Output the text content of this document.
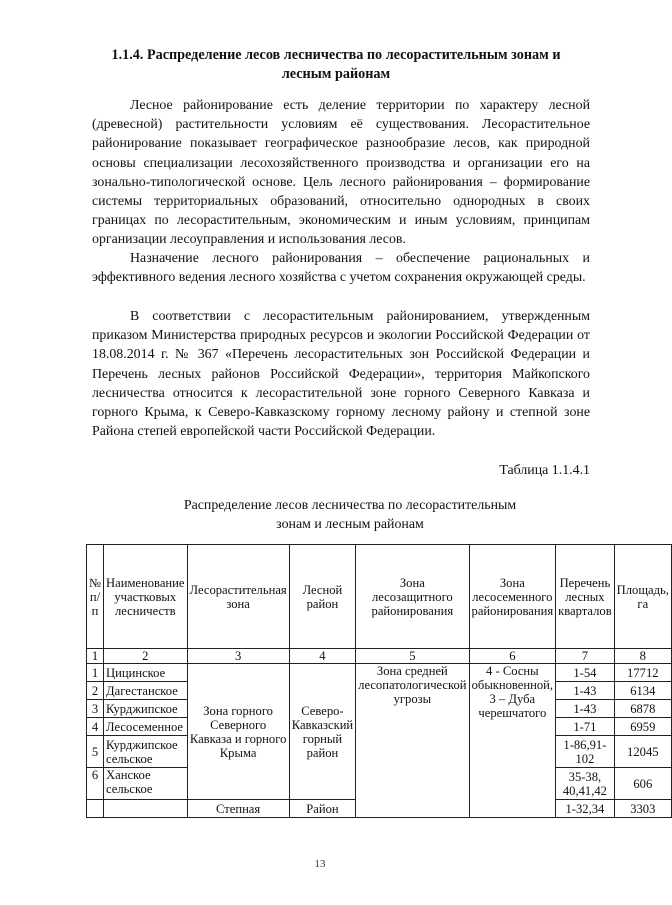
1.1.4. Распределение лесов лесничества по лесорастительным зонам и лесным районам

Лесное районирование есть деление территории по характеру лесной (древесной) растительности условиям её существования. Лесорастительное районирование показывает географическое разнообразие лесов, как природной основы специализации лесохозяйственного производства и организации его на зонально-типологической основе. Цель лесного районирования – формирование системы территориальных образований, относительно однородных в своих границах по лесорастительным, экономическим и иным условиям, принципам организации лесоуправления и использования лесов.

Назначение лесного районирования – обеспечение рациональных и эффективного ведения лесного хозяйства с учетом сохранения окружающей среды.

В соответствии с лесорастительным районированием, утвержденным приказом Министерства природных ресурсов и экологии Российской Федерации от 18.08.2014 г. № 367 «Перечень лесорастительных зон Российской Федерации и Перечень лесных районов Российской Федерации», территория Майкопского лесничества относится к лесорастительной зоне горного Северного Кавказа и горного Крыма, к Северо-Кавказскому горному лесному району и степной зоне Района степей европейской части Российской Федерации.

Таблица 1.1.4.1
Распределение лесов лесничества по лесорастительным
зонам и лесным районам
№ п/п	Наименование участковых лесничеств	Лесорастительная зона	Лесной район	Зона лесозащитного районирования	Зона лесосеменного районирования	Перечень лесных кварталов	Площадь, га
1	2	3	4	5	6	7	8
1	Цицинское	Зона горного Северного Кавказа и горного Крыма	Северо-Кавказский горный район	Зона средней лесопатологической угрозы	4 - Сосны обыкновенной, 3 – Дуба черешчатого	1-54	17712
2	Дагестанское					1-43	6134
3	Курджипское					1-43	6878
4	Лесосеменное					1-71	6959
5	Курджипское сельское					1-86,91-102	12045
6	Ханское сельское					35-38, 40,41,42	606
		Степная	Район			1-32,34	3303
13
